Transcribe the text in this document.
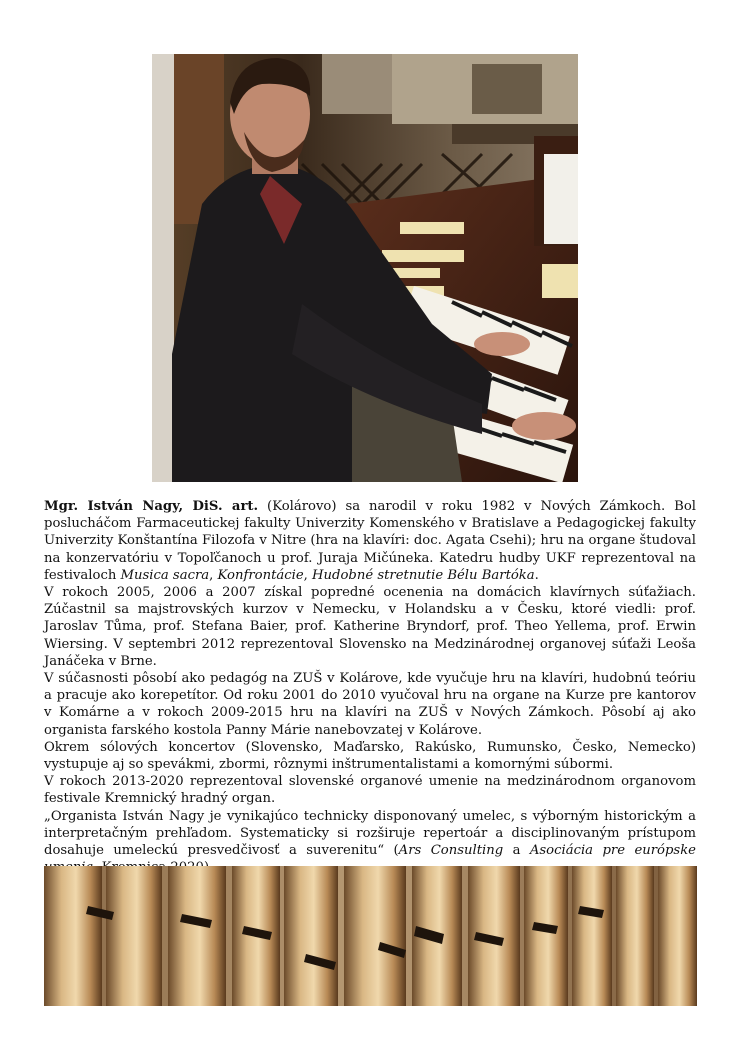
Mgr. István Nagy, DiS. art. (Kolárovo) sa narodil v roku 1982 v Nových Zámkoch. Bol poslucháčom Farmaceutickej fakulty Univerzity Komenského v Bratislave a Pedagogickej fakulty Univerzity Konštantína Filozofa v Nitre (hra na klavíri: doc. Agata Csehi); hru na organe študoval na konzervatóriu v Topoľčanoch u prof. Juraja Mičúneka. Katedru hudby UKF reprezentoval na festivaloch Musica sacra, Konfrontácie, Hudobné stretnutie Bélu Bartóka.

V rokoch 2005, 2006 a 2007 získal popredné ocenenia na domácich klavírnych súťažiach. Zúčastnil sa majstrovských kurzov v Nemecku, v Holandsku a v Česku, ktoré viedli: prof. Jaroslav Tůma, prof. Stefana Baier, prof. Katherine Bryndorf, prof. Theo Yellema, prof. Erwin Wiersing. V septembri 2012 reprezentoval Slovensko na Medzinárodnej organovej súťaži Leoša Janáčeka v Brne.

V súčasnosti pôsobí ako pedagóg na ZUŠ v Kolárove, kde vyučuje hru na klavíri, hudobnú teóriu a pracuje ako korepetítor. Od roku 2001 do 2010 vyučoval hru na organe na Kurze pre kantorov v Komárne a v rokoch 2009-2015 hru na klavíri na ZUŠ v Nových Zámkoch. Pôsobí aj ako organista farského kostola Panny Márie nanebovzatej v Kolárove.

Okrem sólových koncertov (Slovensko, Maďarsko, Rakúsko, Rumunsko, Česko, Nemecko) vystupuje aj so spevákmi, zbormi, rôznymi inštrumentalistami a komornými súbormi.

V rokoch 2013-2020 reprezentoval slovenské organové umenie na medzinárodnom organovom festivale Kremnický hradný organ.

„Organista István Nagy je vynikajúco technicky disponovaný umelec, s výborným historickým a interpretačným prehľadom. Systematicky si rozširuje repertoár a disciplinovaným prístupom dosahuje umeleckú presvedčivosť a suverenitu“ (Ars Consulting a Asociácia pre európske
